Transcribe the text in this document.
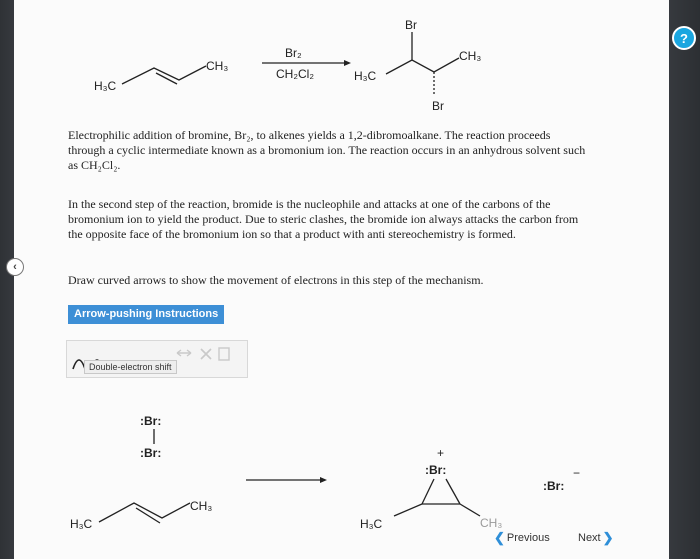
H₃C
CH₃
Br₂
CH₂Cl₂	H₃C
Br
CH₃
Br

Electrophilic addition of bromine, Br₂, to alkenes yields a 1,2-dibromoalkane. The reaction proceeds through a cyclic intermediate known as a bromonium ion. The reaction occurs in an anhydrous solvent such as CH₂Cl₂.

In the second step of the reaction, bromide is the nucleophile and attacks at one of the carbons of the bromonium ion to yield the product. Due to steric clashes, the bromide ion always attacks the carbon from the opposite face of the bromonium ion so that a product with anti stereochemistry is formed.

Draw curved arrows to show the movement of electrons in this step of the mechanism.

Arrow-pushing Instructions
Double-electron shift
:Br:
:Br:
H₃C
CH₃
+
:Br:
H₃C	CH₃
−
:Br:
❮ Previous	Next ❯
‹
?
